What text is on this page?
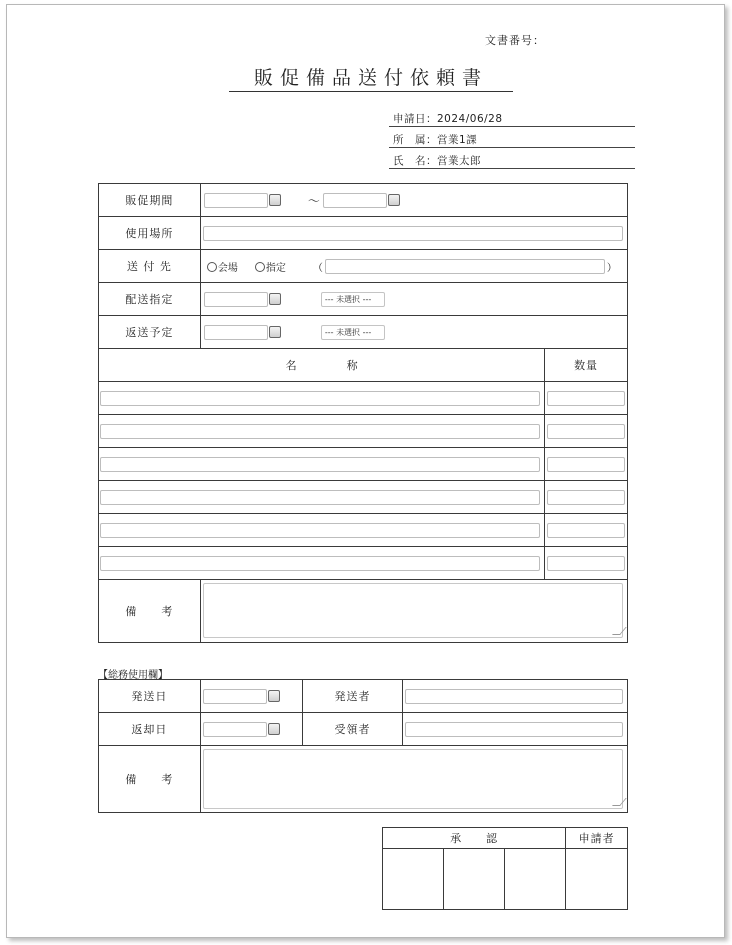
文書番号：
販促備品送付依頼書
申請日：2024/06/28
所　属：営業1課
氏　名：営業太郎
販促期間	～	

使用場所		

送 付 先	会場 指定 （ ）	

配送指定	--- 未選択 ---	

返送予定	--- 未選択 ---	

名 称		数量

備　　考		
【総務使用欄】
発送日		発送者	

返却日		受領者	

備　　考			
承　　認			申請者
